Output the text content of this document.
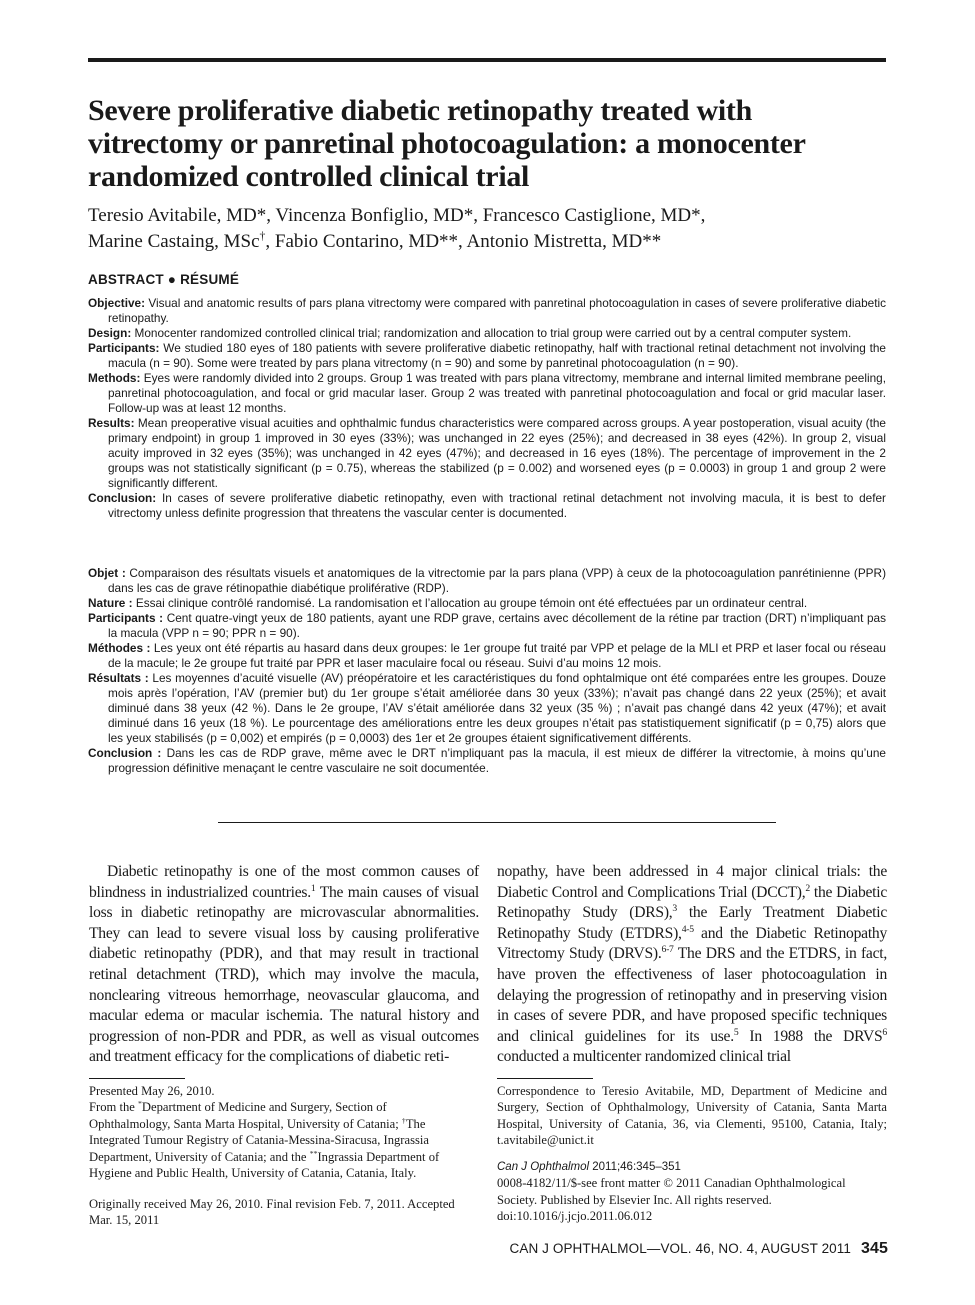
Severe proliferative diabetic retinopathy treated with vitrectomy or panretinal photocoagulation: a monocenter randomized controlled clinical trial
Teresio Avitabile, MD*, Vincenza Bonfiglio, MD*, Francesco Castiglione, MD*,
Marine Castaing, MSc†, Fabio Contarino, MD**, Antonio Mistretta, MD**
ABSTRACT ● RÉSUMÉ

Objective: Visual and anatomic results of pars plana vitrectomy were compared with panretinal photocoagulation in cases of severe proliferative diabetic retinopathy.

Design: Monocenter randomized controlled clinical trial; randomization and allocation to trial group were carried out by a central computer system.

Participants: We studied 180 eyes of 180 patients with severe proliferative diabetic retinopathy, half with tractional retinal detachment not involving the macula (n = 90). Some were treated by pars plana vitrectomy (n = 90) and some by panretinal photocoagulation (n = 90).

Methods: Eyes were randomly divided into 2 groups. Group 1 was treated with pars plana vitrectomy, membrane and internal limited membrane peeling, panretinal photocoagulation, and focal or grid macular laser. Group 2 was treated with panretinal photocoagulation and focal or grid macular laser. Follow-up was at least 12 months.

Results: Mean preoperative visual acuities and ophthalmic fundus characteristics were compared across groups. A year postoperation, visual acuity (the primary endpoint) in group 1 improved in 30 eyes (33%); was unchanged in 22 eyes (25%); and decreased in 38 eyes (42%). In group 2, visual acuity improved in 32 eyes (35%); was unchanged in 42 eyes (47%); and decreased in 16 eyes (18%). The percentage of improvement in the 2 groups was not statistically significant (p = 0.75), whereas the stabilized (p = 0.002) and worsened eyes (p = 0.0003) in group 1 and group 2 were significantly different.

Conclusion: In cases of severe proliferative diabetic retinopathy, even with tractional retinal detachment not involving macula, it is best to defer vitrectomy unless definite progression that threatens the vascular center is documented.

Objet : Comparaison des résultats visuels et anatomiques de la vitrectomie par la pars plana (VPP) à ceux de la photocoagulation panrétinienne (PPR) dans les cas de grave rétinopathie diabétique proliférative (RDP).

Nature : Essai clinique contrôlé randomisé. La randomisation et l’allocation au groupe témoin ont été effectuées par un ordinateur central.

Participants : Cent quatre-vingt yeux de 180 patients, ayant une RDP grave, certains avec décollement de la rétine par traction (DRT) n’impliquant pas la macula (VPP n = 90; PPR n = 90).

Méthodes : Les yeux ont été répartis au hasard dans deux groupes: le 1er groupe fut traité par VPP et pelage de la MLI et PRP et laser focal ou réseau de la macule; le 2e groupe fut traité par PPR et laser maculaire focal ou réseau. Suivi d’au moins 12 mois.

Résultats : Les moyennes d’acuité visuelle (AV) préopératoire et les caractéristiques du fond ophtalmique ont été comparées entre les groupes. Douze mois après l’opération, l’AV (premier but) du 1er groupe s’était améliorée dans 30 yeux (33%); n’avait pas changé dans 22 yeux (25%); et avait diminué dans 38 yeux (42 %). Dans le 2e groupe, l’AV s’était améliorée dans 32 yeux (35 %) ; n’avait pas changé dans 42 yeux (47%); et avait diminué dans 16 yeux (18 %). Le pourcentage des améliorations entre les deux groupes n’était pas statistiquement significatif (p = 0,75) alors que les yeux stabilisés (p = 0,002) et empirés (p = 0,0003) des 1er et 2e groupes étaient significativement différents.

Conclusion : Dans les cas de RDP grave, même avec le DRT n’impliquant pas la macula, il est mieux de différer la vitrectomie, à moins qu’une progression définitive menaçant le centre vasculaire ne soit documentée.

Diabetic retinopathy is one of the most common causes of blindness in industrialized countries.$^1$ The main causes of visual loss in diabetic retinopathy are microvascular abnormalities. They can lead to severe visual loss by causing proliferative diabetic retinopathy (PDR), and that may result in tractional retinal detachment (TRD), which may involve the macula, nonclearing vitreous hemorrhage, neovascular glaucoma, and macular edema or macular ischemia. The natural history and progression of non-PDR and PDR, as well as visual outcomes and treatment efficacy for the complications of diabetic reti-
nopathy, have been addressed in 4 major clinical trials: the Diabetic Control and Complications Trial (DCCT),$^2$ the Diabetic Retinopathy Study (DRS),$^3$ the Early Treatment Diabetic Retinopathy Study (ETDRS),$^{4-5}$ and the Diabetic Retinopathy Vitrectomy Study (DRVS).$^{6-7}$ The DRS and the ETDRS, in fact, have proven the effectiveness of laser photocoagulation in delaying the progression of retinopathy and in preserving vision in cases of severe PDR, and have proposed specific techniques and clinical guidelines for its use.$^5$ In 1988 the DRVS$^6$ conducted a multicenter randomized clinical trial
Presented May 26, 2010.
From the *Department of Medicine and Surgery, Section of Ophthalmology, Santa Marta Hospital, University of Catania; †The Integrated Tumour Registry of Catania-Messina-Siracusa, Ingrassia Department, University of Catania; and the **Ingrassia Department of Hygiene and Public Health, University of Catania, Catania, Italy.
Originally received May 26, 2010. Final revision Feb. 7, 2011. Accepted Mar. 15, 2011
Correspondence to Teresio Avitabile, MD, Department of Medicine and Surgery, Section of Ophthalmology, University of Catania, Santa Marta Hospital, University of Catania, 36, via Clementi, 95100, Catania, Italy; t.avitabile@unict.it
Can J Ophthalmol 2011;46:345–351
0008-4182/11/$-see front matter © 2011 Canadian Ophthalmological Society. Published by Elsevier Inc. All rights reserved.
doi:10.1016/j.jcjo.2011.06.012
CAN J OPHTHALMOL—VOL. 46, NO. 4, AUGUST 2011 345
